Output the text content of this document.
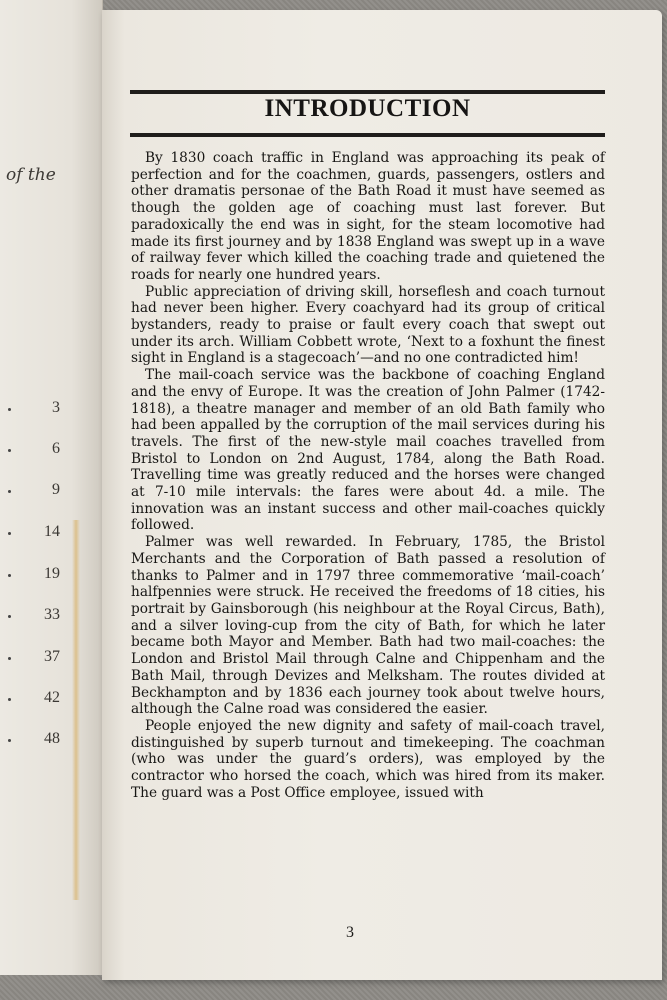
of the
3
6
9
14
19
33
37
42
48
INTRODUCTION

By 1830 coach traffic in England was approaching its peak of perfection and for the coachmen, guards, passengers, ostlers and other dramatis personae of the Bath Road it must have seemed as though the golden age of coaching must last forever. But paradoxically the end was in sight, for the steam locomotive had made its first journey and by 1838 England was swept up in a wave of railway fever which killed the coaching trade and quietened the roads for nearly one hundred years.

Public appreciation of driving skill, horseflesh and coach turnout had never been higher. Every coachyard had its group of critical bystanders, ready to praise or fault every coach that swept out under its arch. William Cobbett wrote, ‘Next to a foxhunt the finest sight in England is a stagecoach’—and no one contradicted him!

The mail-coach service was the backbone of coaching England and the envy of Europe. It was the creation of John Palmer (1742-1818), a theatre manager and member of an old Bath family who had been appalled by the corruption of the mail services during his travels. The first of the new-style mail coaches travelled from Bristol to London on 2nd August, 1784, along the Bath Road. Travelling time was greatly reduced and the horses were changed at 7-10 mile intervals: the fares were about 4d. a mile. The innovation was an instant success and other mail-coaches quickly followed.

Palmer was well rewarded. In February, 1785, the Bristol Merchants and the Corporation of Bath passed a resolution of thanks to Palmer and in 1797 three commemorative ‘mail-coach’ halfpennies were struck. He received the freedoms of 18 cities, his portrait by Gainsborough (his neighbour at the Royal Circus, Bath), and a silver loving-cup from the city of Bath, for which he later became both Mayor and Member. Bath had two mail-coaches: the London and Bristol Mail through Calne and Chippenham and the Bath Mail, through Devizes and Melksham. The routes divided at Beckhampton and by 1836 each journey took about twelve hours, although the Calne road was considered the easier.

People enjoyed the new dignity and safety of mail-coach travel, distinguished by superb turnout and timekeeping. The coachman (who was under the guard’s orders), was employed by the contractor who horsed the coach, which was hired from its maker. The guard was a Post Office employee, issued with

3
